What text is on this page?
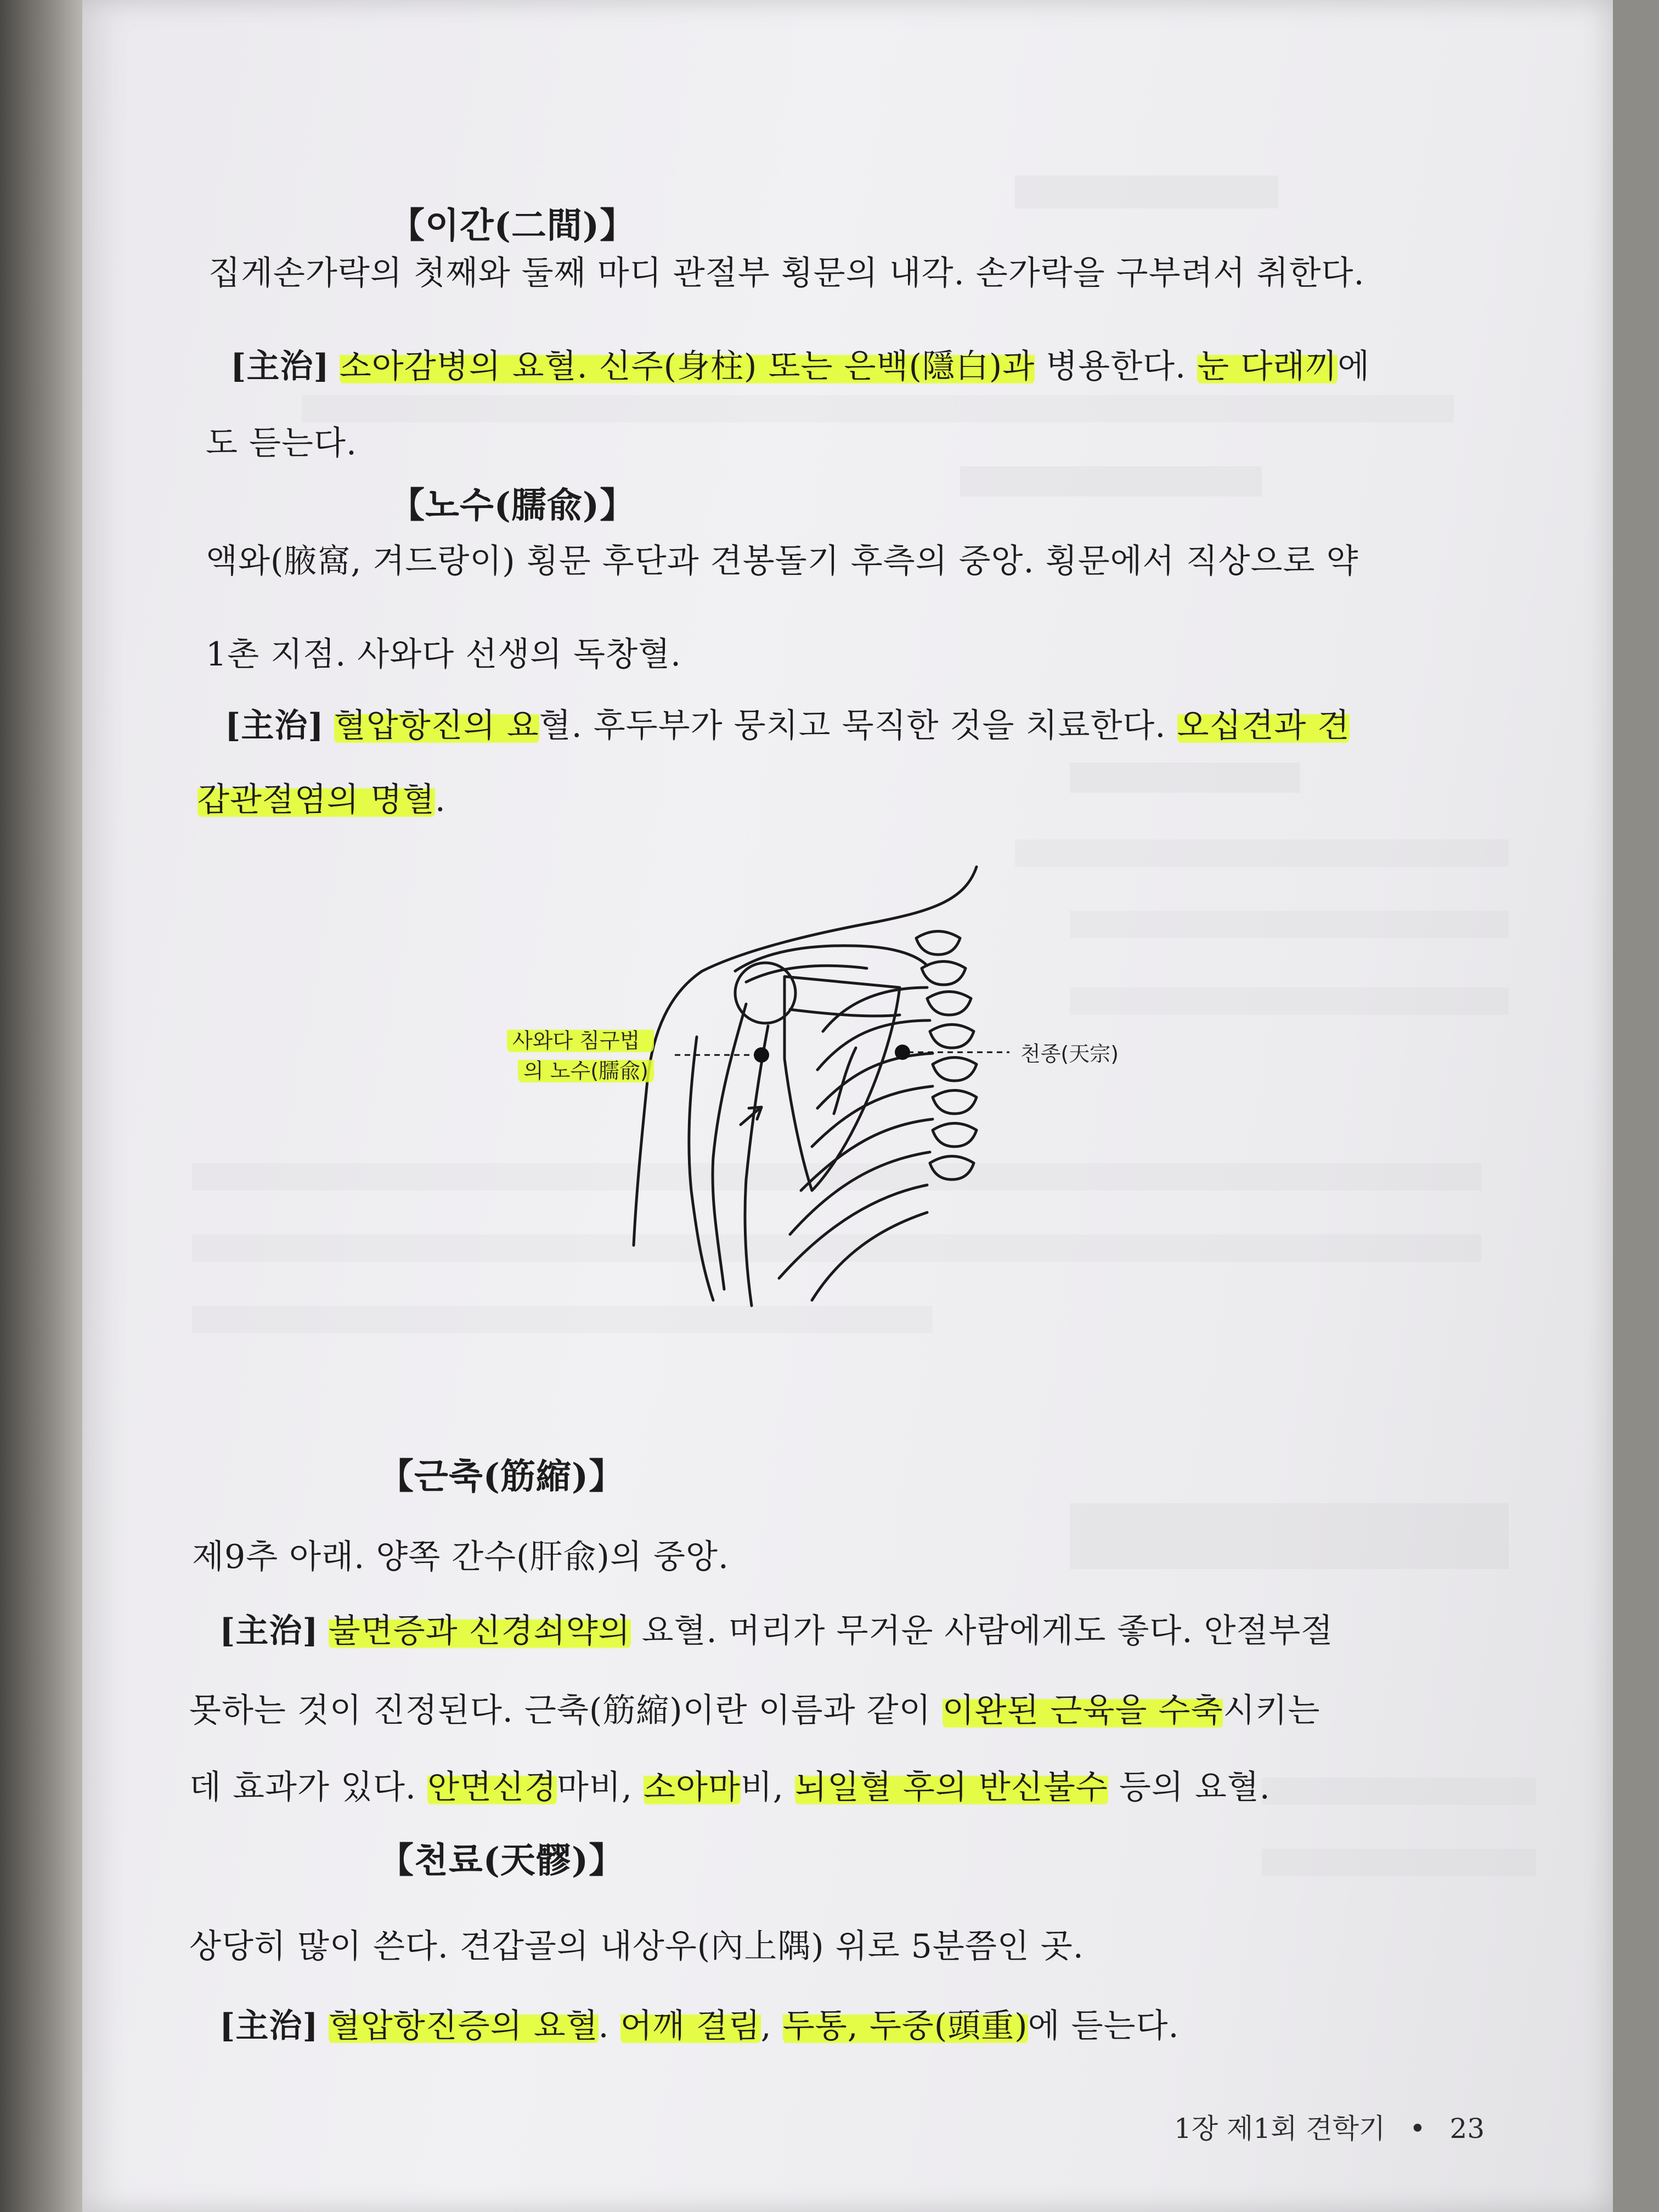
【이간(二間)】
집게손가락의 첫째와 둘째 마디 관절부 횡문의 내각. 손가락을 구부려서 취한다.
[主治] 소아감병의 요혈. 신주(身柱) 또는 은백(隱白)과 병용한다. 눈 다래끼에
도 듣는다.
【노수(臑兪)】
액와(腋窩, 겨드랑이) 횡문 후단과 견봉돌기 후측의 중앙. 횡문에서 직상으로 약
1촌 지점. 사와다 선생의 독창혈.
[主治] 혈압항진의 요혈. 후두부가 뭉치고 묵직한 것을 치료한다. 오십견과 견
갑관절염의 명혈.
사와다 침구법
의 노수(臑兪)
천종(天宗)
【근축(筋縮)】
제9추 아래. 양쪽 간수(肝兪)의 중앙.
[主治] 불면증과 신경쇠약의 요혈. 머리가 무거운 사람에게도 좋다. 안절부절
못하는 것이 진정된다. 근축(筋縮)이란 이름과 같이 이완된 근육을 수축시키는
데 효과가 있다. 안면신경마비, 소아마비, 뇌일혈 후의 반신불수 등의 요혈.
【천료(天髎)】
상당히 많이 쓴다. 견갑골의 내상우(內上隅) 위로 5분쯤인 곳.
[主治] 혈압항진증의 요혈. 어깨 결림, 두통, 두중(頭重)에 듣는다.
1장 제1회 견학기 • 23
